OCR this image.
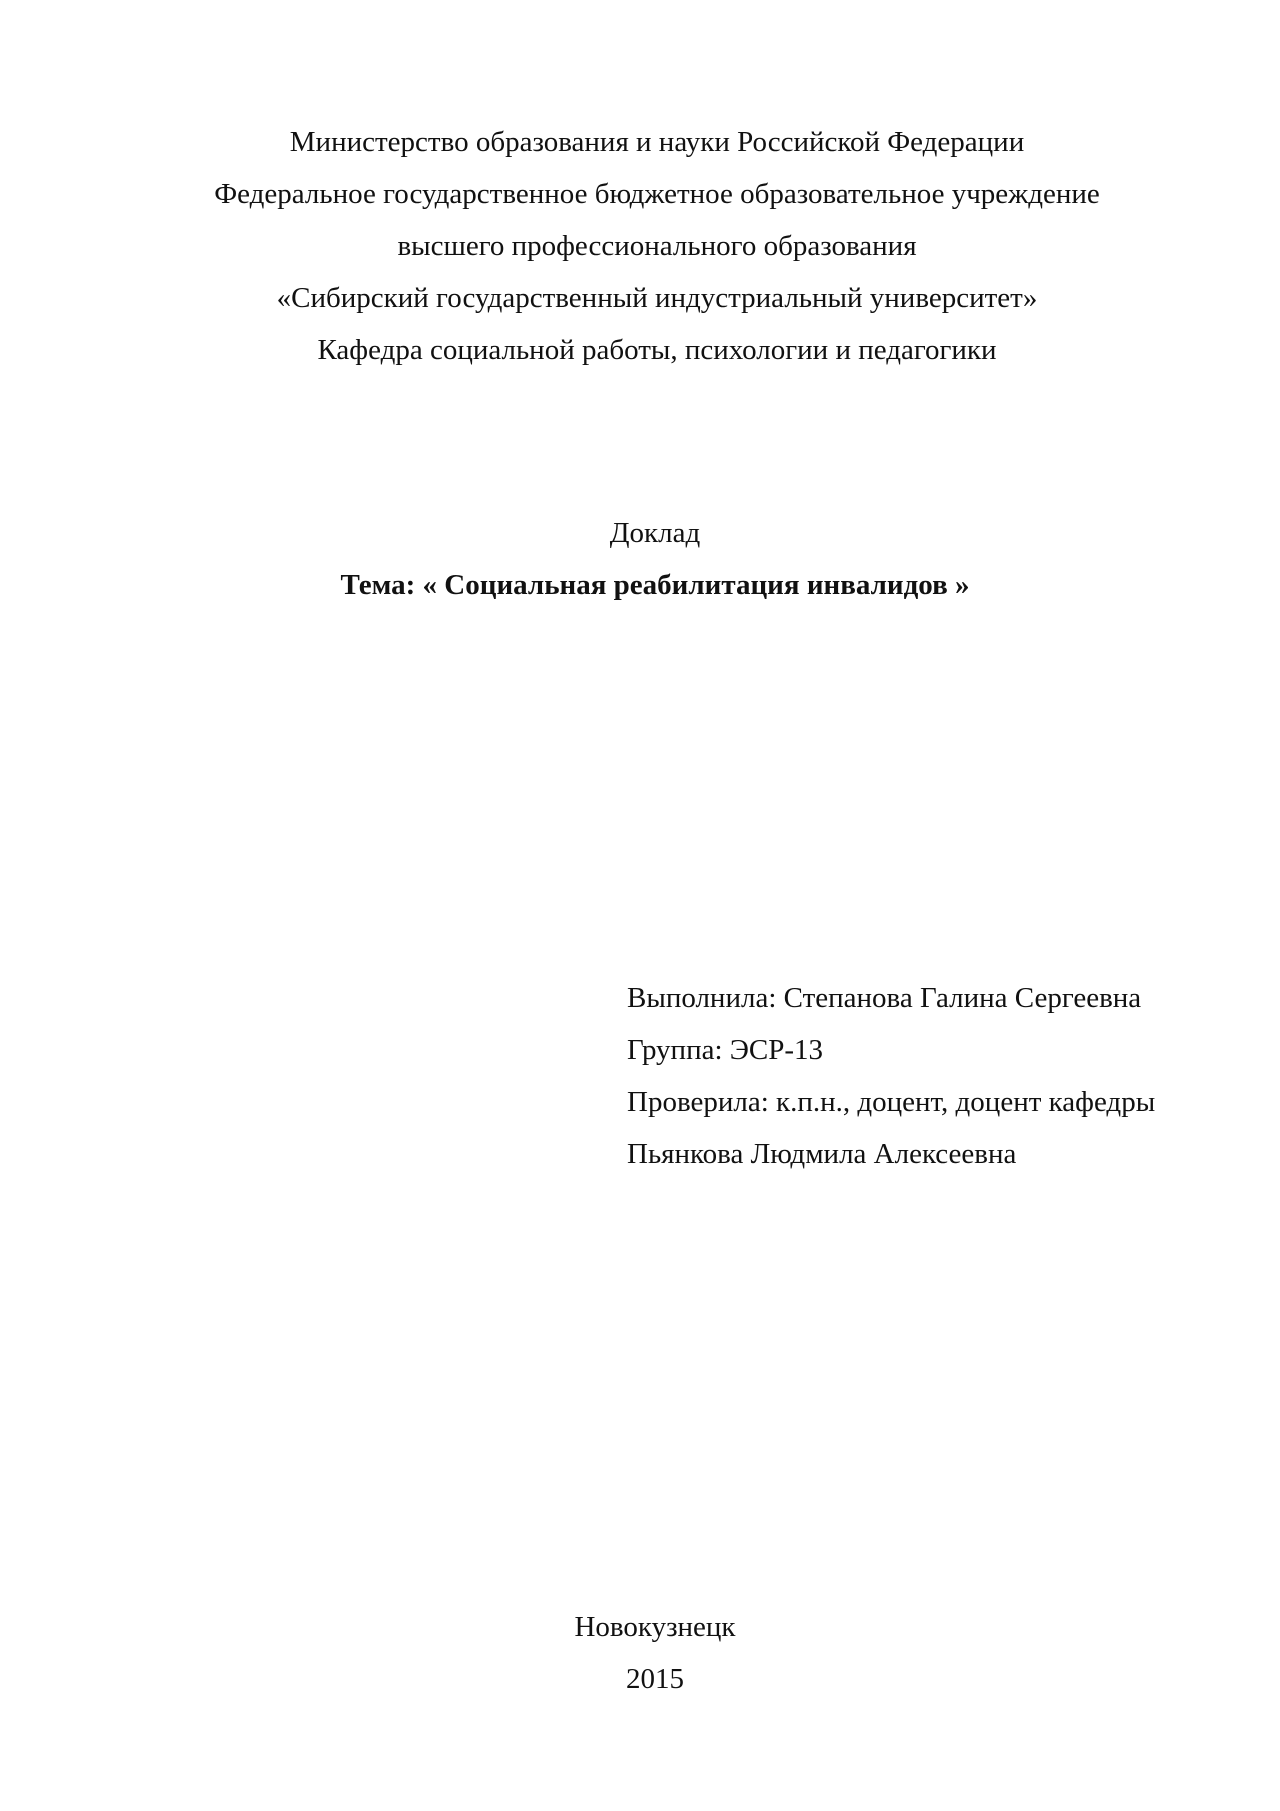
Министерство образования и науки Российской Федерации

Федеральное государственное бюджетное образовательное учреждение

высшего профессионального образования

«Сибирский государственный индустриальный университет»

Кафедра социальной работы, психологии и педагогики

Доклад

Тема: « Социальная реабилитация инвалидов »

Выполнила: Степанова Галина Сергеевна

Группа: ЭСР-13

Проверила: к.п.н., доцент, доцент кафедры

Пьянкова Людмила Алексеевна

Новокузнецк

2015
